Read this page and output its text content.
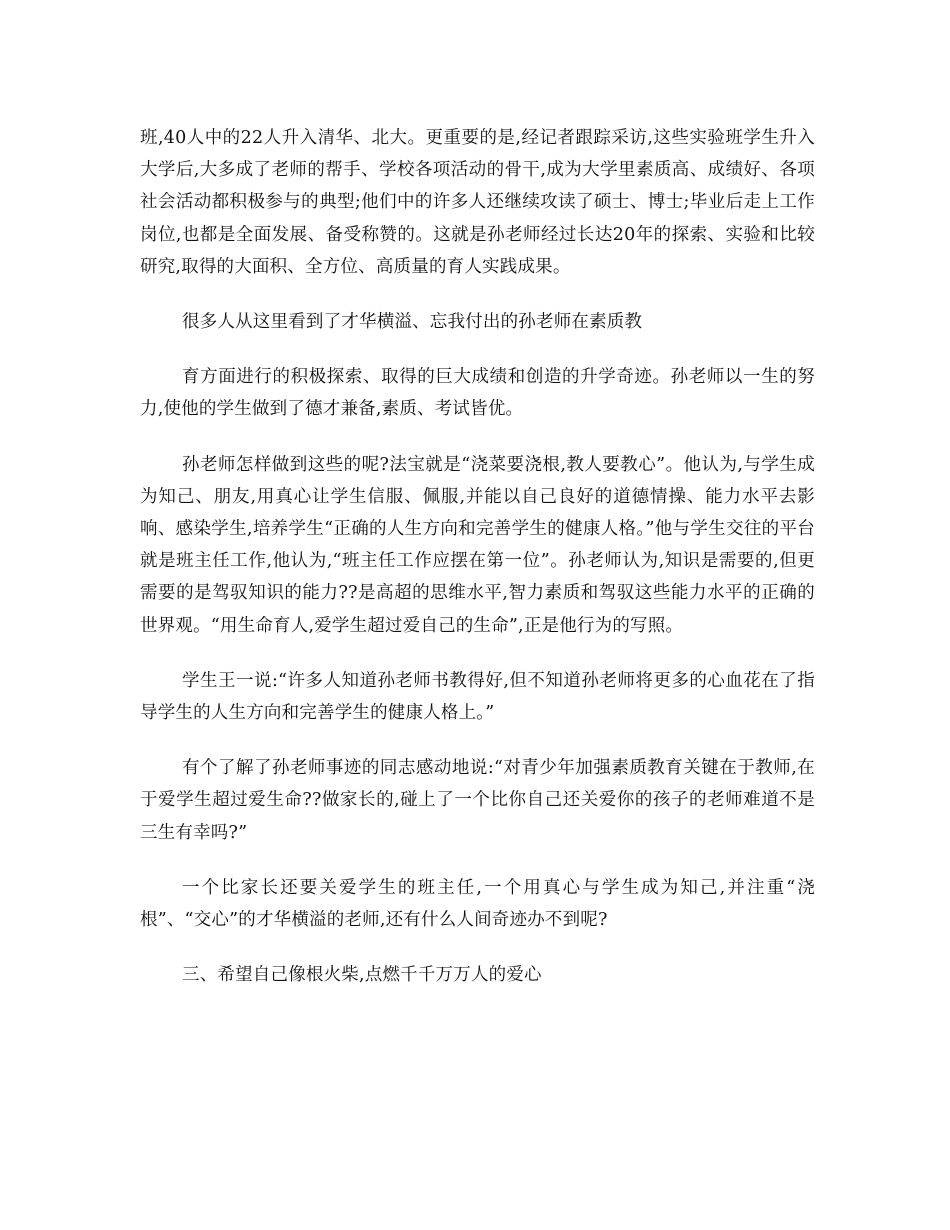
班,40人中的22人升入清华、北大。更重要的是,经记者跟踪采访,这些实验班学生升入大学后,大多成了老师的帮手、学校各项活动的骨干,成为大学里素质高、成绩好、各项社会活动都积极参与的典型;他们中的许多人还继续攻读了硕士、博士;毕业后走上工作岗位,也都是全面发展、备受称赞的。这就是孙老师经过长达20年的探索、实验和比较研究,取得的大面积、全方位、高质量的育人实践成果。

很多人从这里看到了才华横溢、忘我付出的孙老师在素质教

育方面进行的积极探索、取得的巨大成绩和创造的升学奇迹。孙老师以一生的努力,使他的学生做到了德才兼备,素质、考试皆优。

孙老师怎样做到这些的呢?法宝就是“浇菜要浇根,教人要教心”。他认为,与学生成为知己、朋友,用真心让学生信服、佩服,并能以自己良好的道德情操、能力水平去影响、感染学生,培养学生“正确的人生方向和完善学生的健康人格。”他与学生交往的平台就是班主任工作,他认为,“班主任工作应摆在第一位”。孙老师认为,知识是需要的,但更需要的是驾驭知识的能力??是高超的思维水平,智力素质和驾驭这些能力水平的正确的世界观。“用生命育人,爱学生超过爱自己的生命”,正是他行为的写照。

学生王一说:“许多人知道孙老师书教得好,但不知道孙老师将更多的心血花在了指导学生的人生方向和完善学生的健康人格上。”

有个了解了孙老师事迹的同志感动地说:“对青少年加强素质教育关键在于教师,在于爱学生超过爱生命??做家长的,碰上了一个比你自己还关爱你的孩子的老师难道不是三生有幸吗?”

一个比家长还要关爱学生的班主任,一个用真心与学生成为知己,并注重“浇根”、“交心”的才华横溢的老师,还有什么人间奇迹办不到呢?

三、希望自己像根火柴,点燃千千万万人的爱心
